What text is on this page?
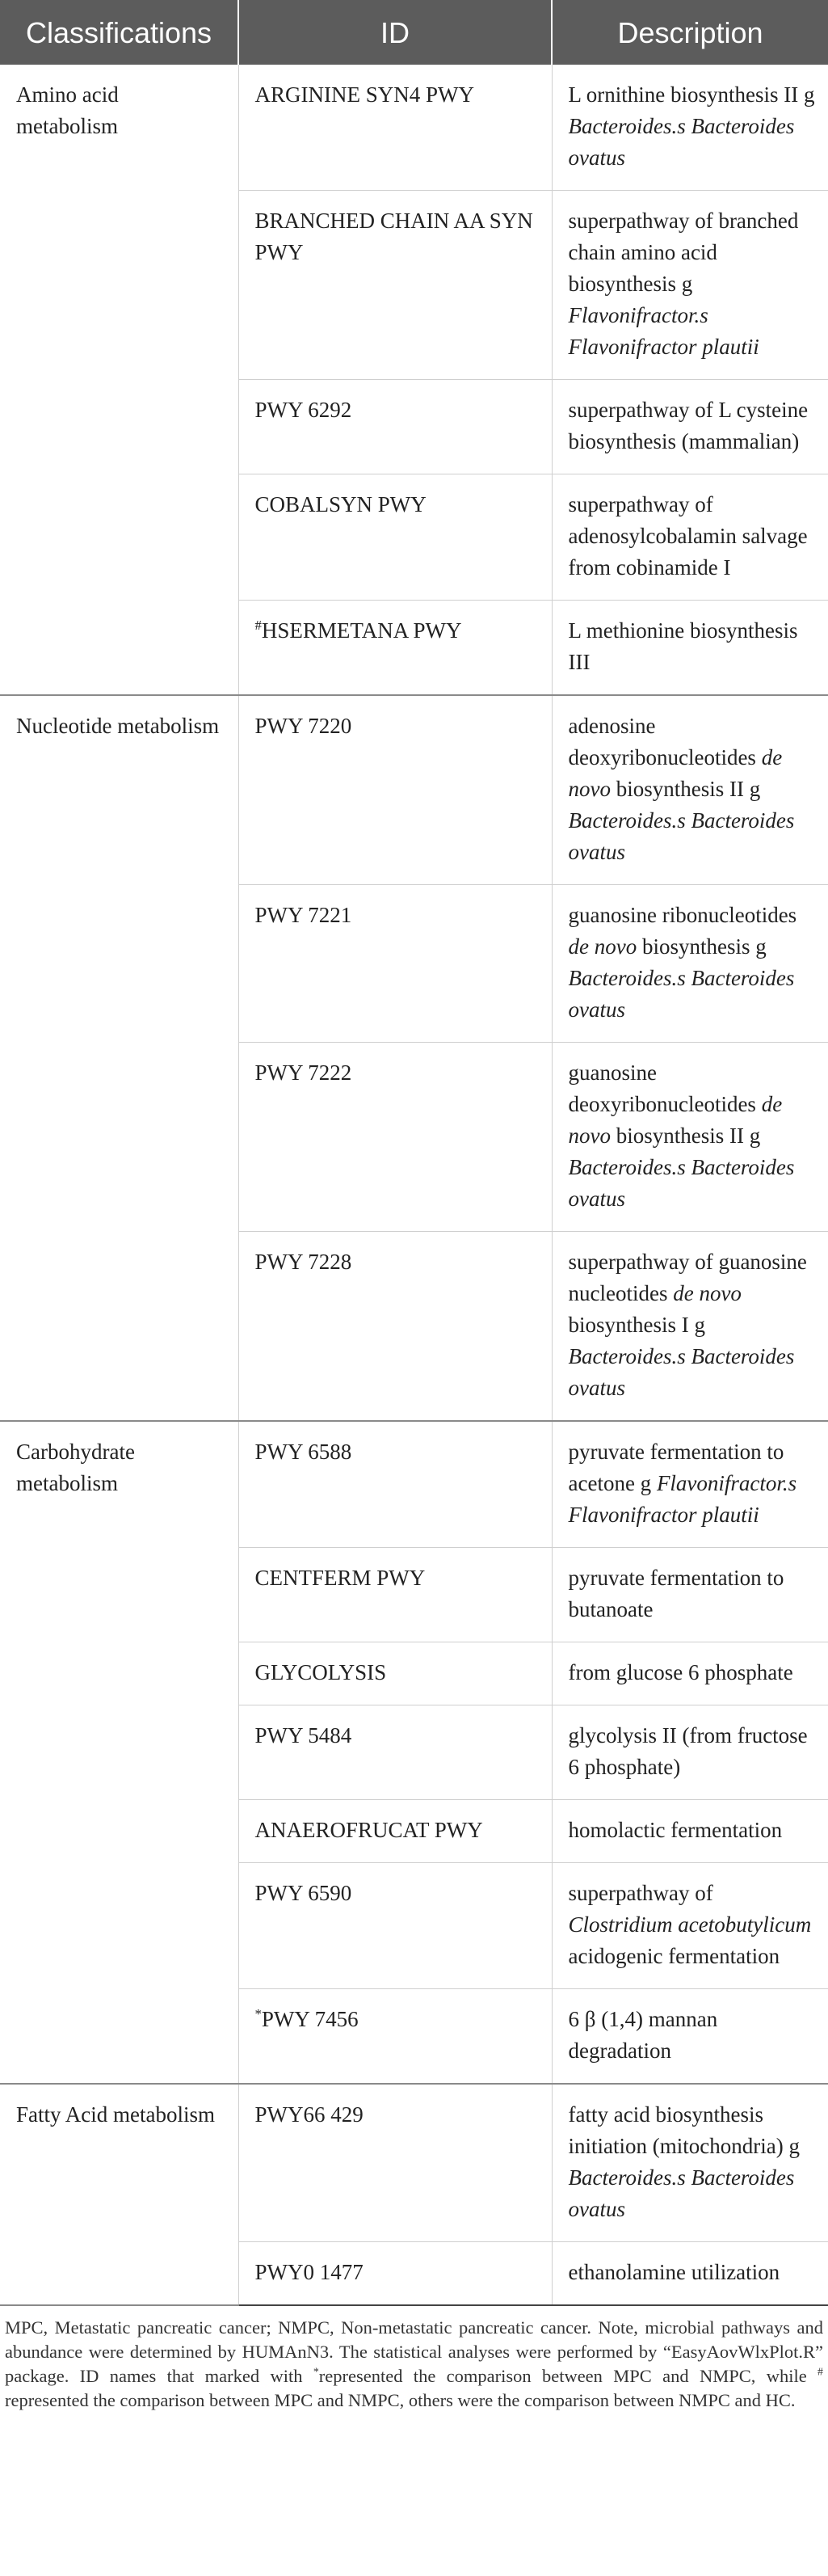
Classifications	ID	Description
Amino acid metabolism	ARGININE SYN4 PWY	L ornithine biosynthesis II g Bacteroides.s Bacteroides ovatus
	BRANCHED CHAIN AA SYN PWY	superpathway of branched chain amino acid biosynthesis g Flavonifractor.s Flavonifractor plautii
	PWY 6292	superpathway of L cysteine biosynthesis (mammalian)
	COBALSYN PWY	superpathway of adenosylcobalamin salvage from cobinamide I
	#HSERMETANA PWY	L methionine biosynthesis III
Nucleotide metabolism	PWY 7220	adenosine deoxyribonucleotides de novo biosynthesis II g Bacteroides.s Bacteroides ovatus
	PWY 7221	guanosine ribonucleotides de novo biosynthesis g Bacteroides.s Bacteroides ovatus
	PWY 7222	guanosine deoxyribonucleotides de novo biosynthesis II g Bacteroides.s Bacteroides ovatus
	PWY 7228	superpathway of guanosine nucleotides de novo biosynthesis I g Bacteroides.s Bacteroides ovatus
Carbohydrate metabolism	PWY 6588	pyruvate fermentation to acetone g Flavonifractor.s Flavonifractor plautii
	CENTFERM PWY	pyruvate fermentation to butanoate
	GLYCOLYSIS	from glucose 6 phosphate
	PWY 5484	glycolysis II (from fructose 6 phosphate)
	ANAEROFRUCAT PWY	homolactic fermentation
	PWY 6590	superpathway of Clostridium acetobutylicum acidogenic fermentation
	*PWY 7456	6 β (1,4) mannan degradation
Fatty Acid metabolism	PWY66 429	fatty acid biosynthesis initiation (mitochondria) g Bacteroides.s Bacteroides ovatus
	PWY0 1477	ethanolamine utilization
MPC, Metastatic pancreatic cancer; NMPC, Non-metastatic pancreatic cancer. Note, microbial pathways and abundance were determined by HUMAnN3. The statistical analyses were performed by “EasyAovWlxPlot.R” package. ID names that marked with *represented the comparison between MPC and NMPC, while # represented the comparison between MPC and NMPC, others were the comparison between NMPC and HC.
